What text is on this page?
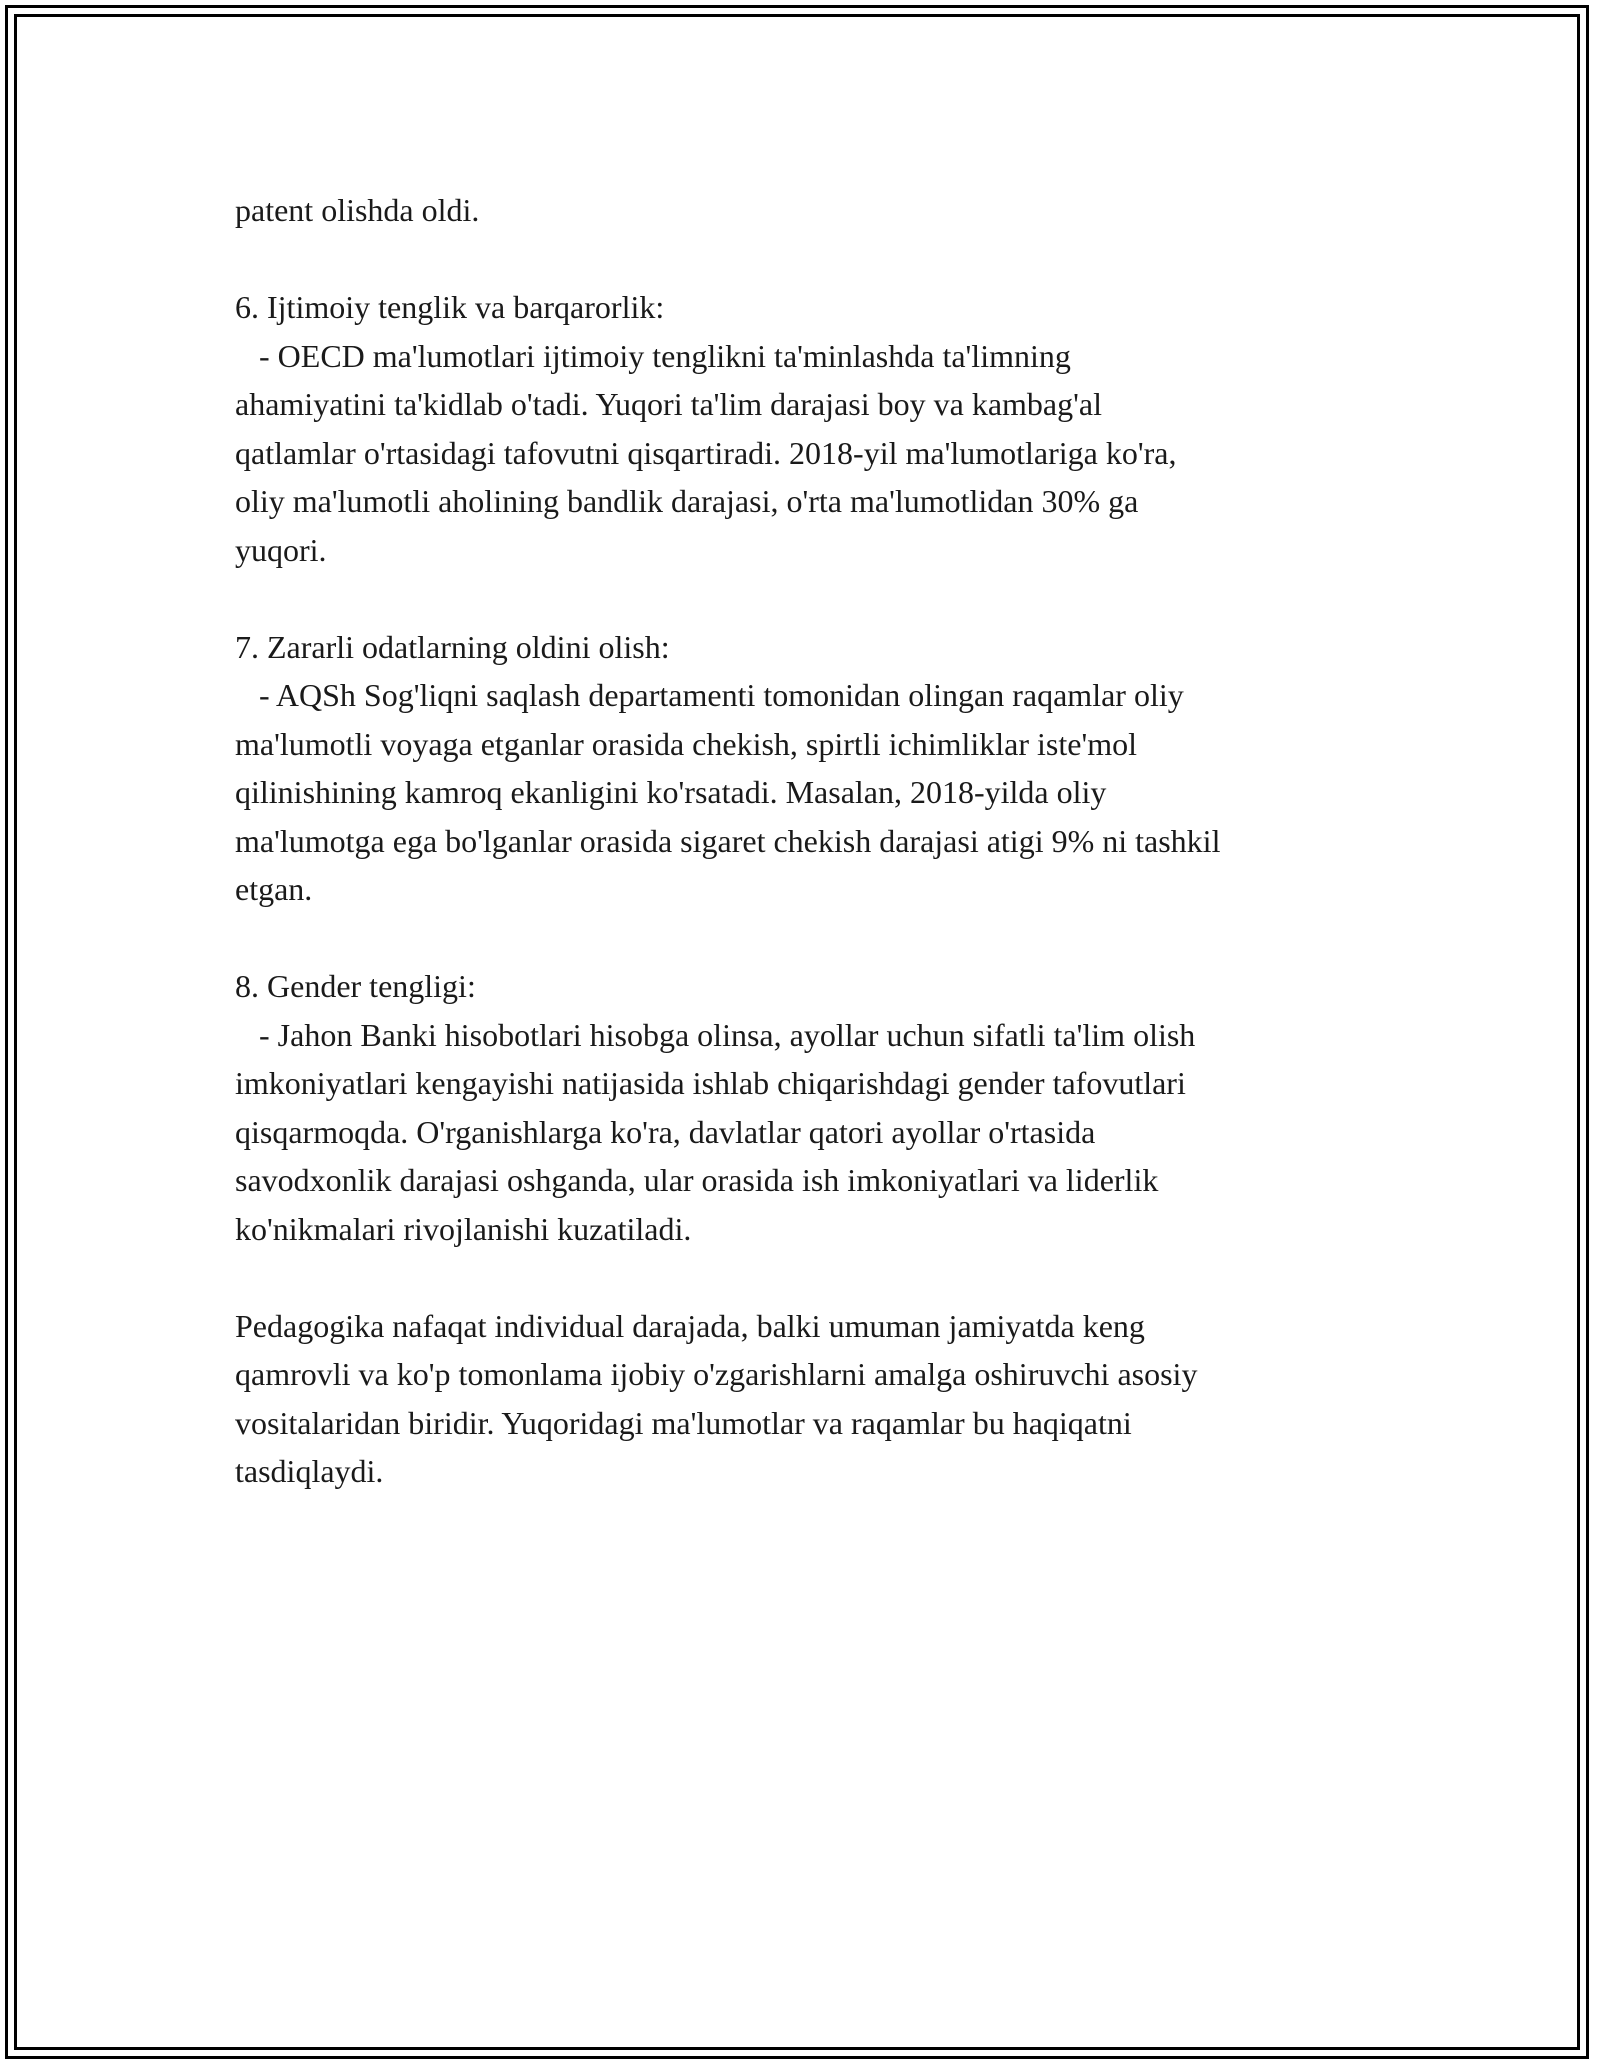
patent olishda oldi.
6. Ijtimoiy tenglik va barqarorlik:
- OECD ma'lumotlari ijtimoiy tenglikni ta'minlashda ta'limning
ahamiyatini ta'kidlab o'tadi. Yuqori ta'lim darajasi boy va kambag'al
qatlamlar o'rtasidagi tafovutni qisqartiradi. 2018-yil ma'lumotlariga ko'ra,
oliy ma'lumotli aholining bandlik darajasi, o'rta ma'lumotlidan 30% ga
yuqori.
7. Zararli odatlarning oldini olish:
- AQSh Sog'liqni saqlash departamenti tomonidan olingan raqamlar oliy
ma'lumotli voyaga etganlar orasida chekish, spirtli ichimliklar iste'mol
qilinishining kamroq ekanligini ko'rsatadi. Masalan, 2018-yilda oliy
ma'lumotga ega bo'lganlar orasida sigaret chekish darajasi atigi 9% ni tashkil
etgan.
8. Gender tengligi:
- Jahon Banki hisobotlari hisobga olinsa, ayollar uchun sifatli ta'lim olish
imkoniyatlari kengayishi natijasida ishlab chiqarishdagi gender tafovutlari
qisqarmoqda. O'rganishlarga ko'ra, davlatlar qatori ayollar o'rtasida
savodxonlik darajasi oshganda, ular orasida ish imkoniyatlari va liderlik
ko'nikmalari rivojlanishi kuzatiladi.
Pedagogika nafaqat individual darajada, balki umuman jamiyatda keng
qamrovli va ko'p tomonlama ijobiy o'zgarishlarni amalga oshiruvchi asosiy
vositalaridan biridir. Yuqoridagi ma'lumotlar va raqamlar bu haqiqatni
tasdiqlaydi.
